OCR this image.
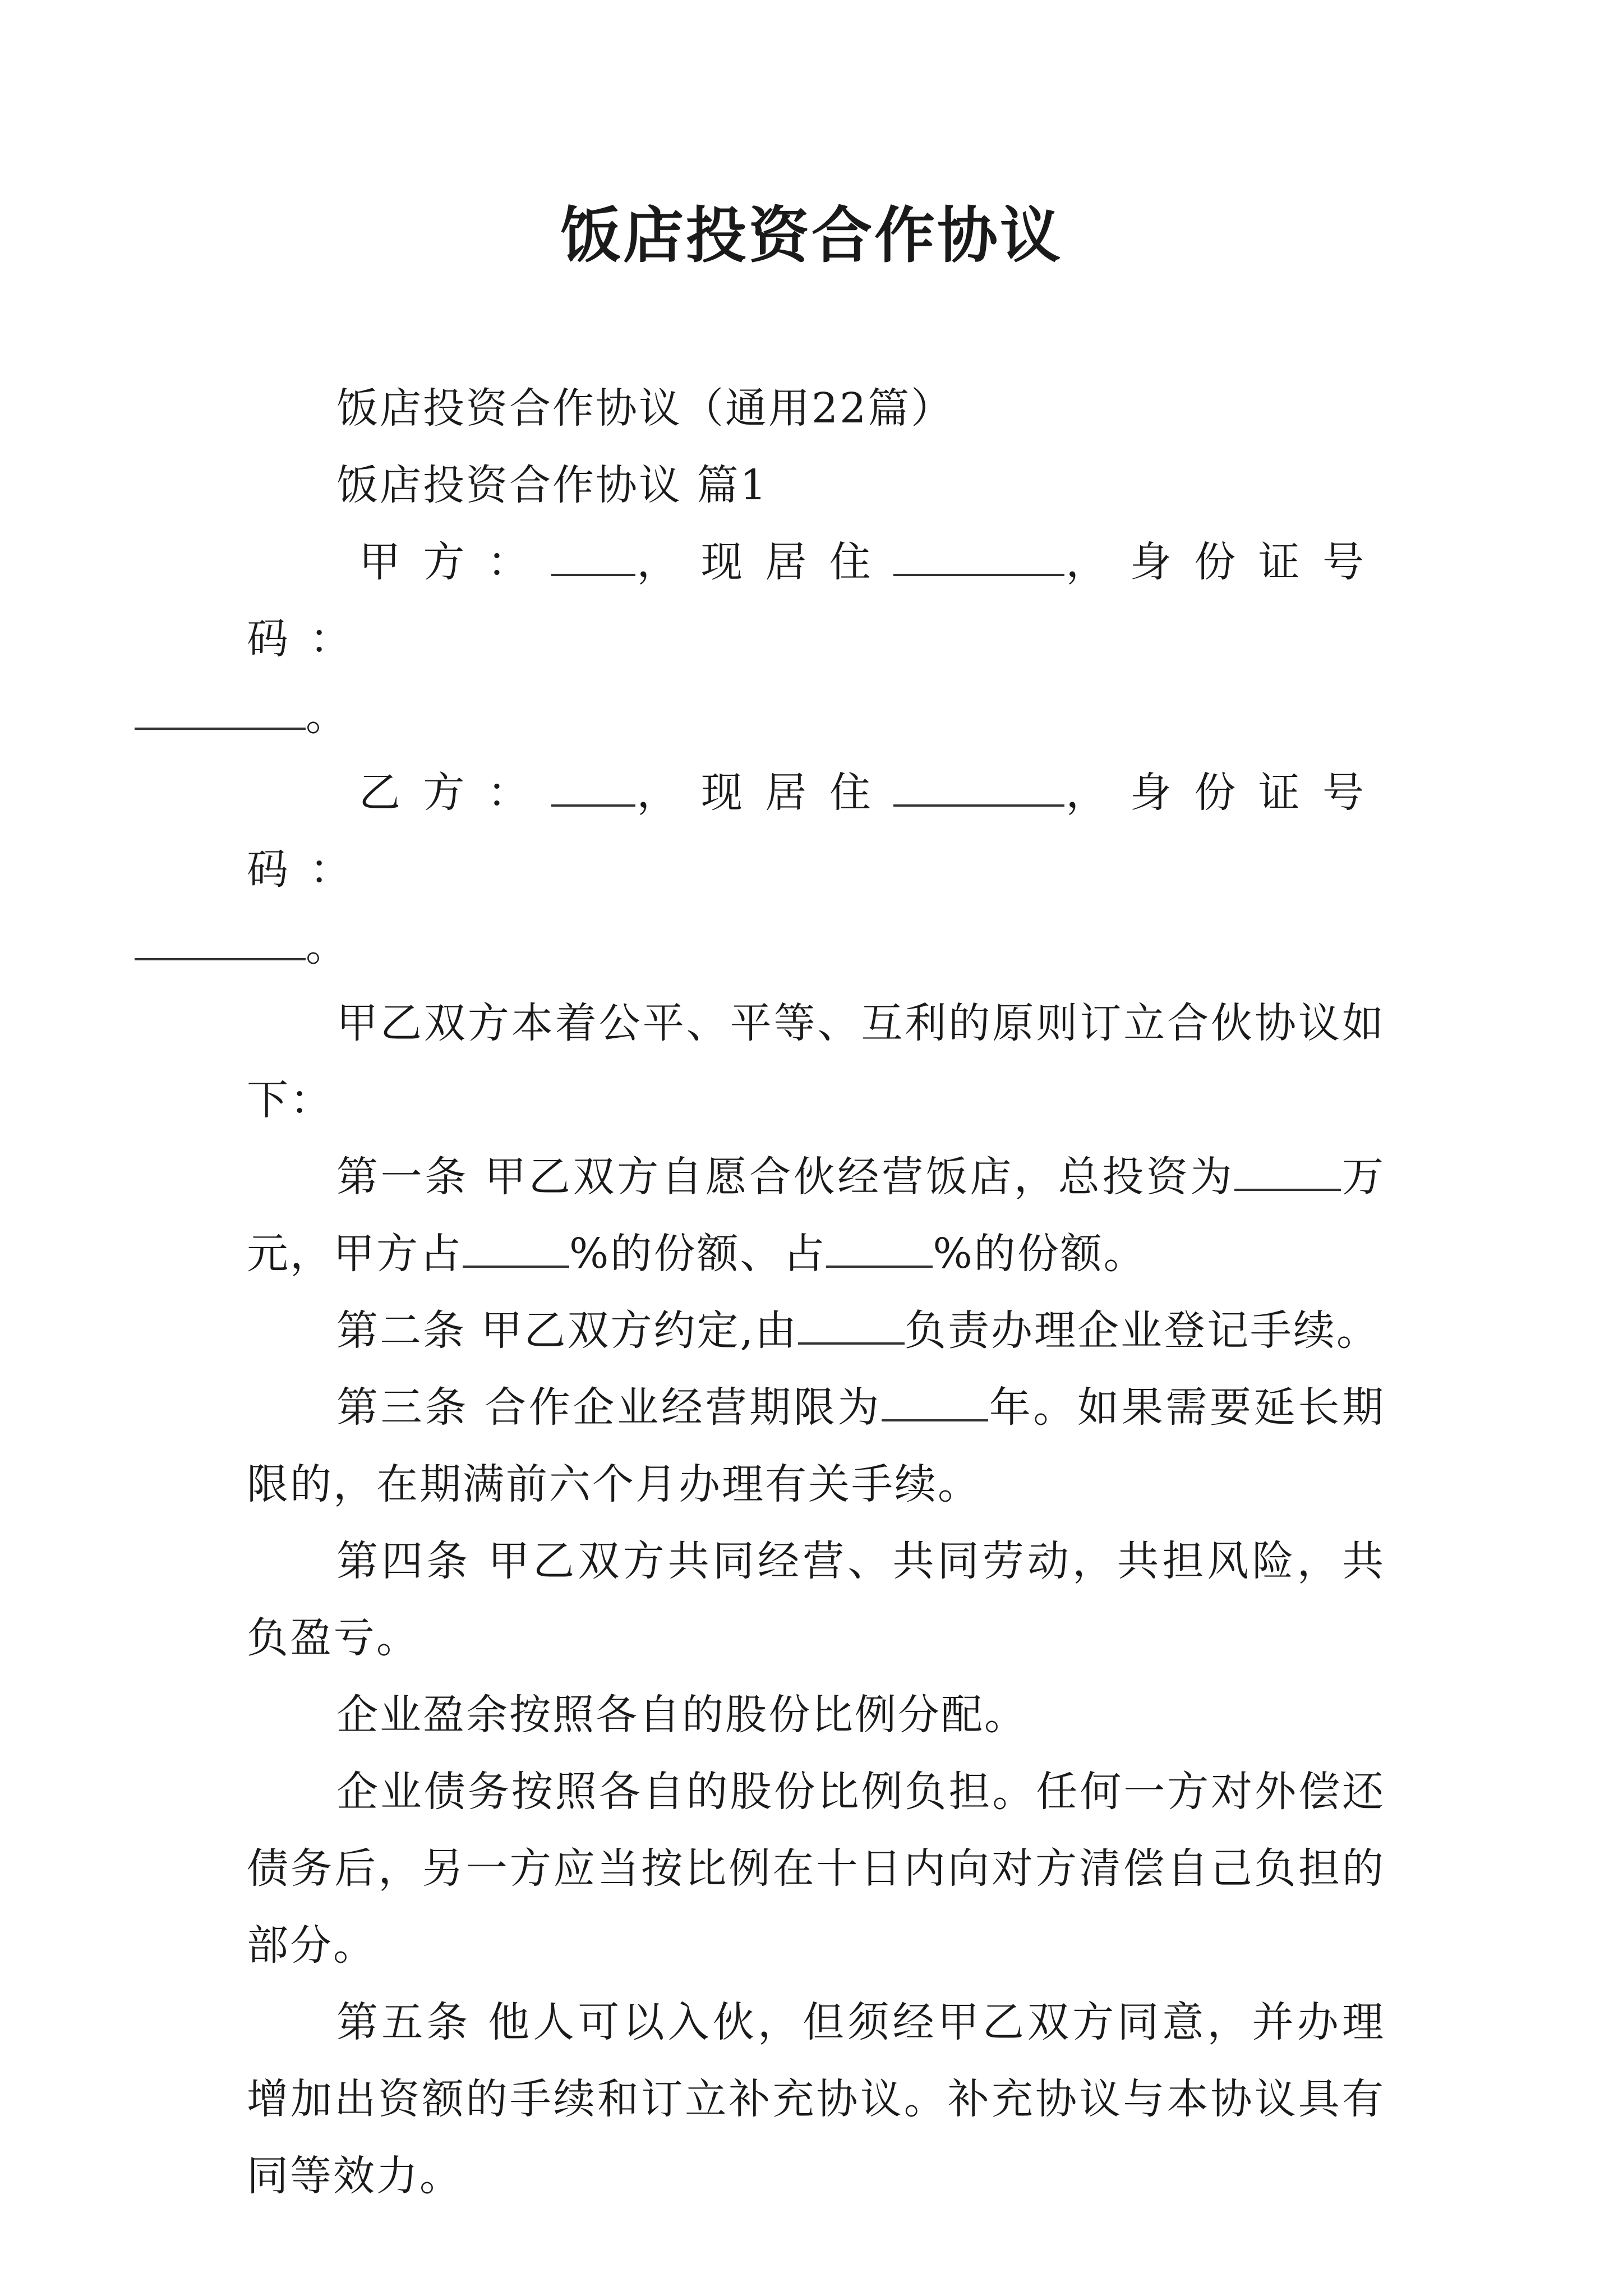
饭店投资合作协议

饭店投资合作协议（通用22篇）

饭店投资合作协议 篇1

甲方： ，现居住	，身份证号码：
。

乙方： ，现居住	，身份证号码：
。

甲乙双方本着公平、平等、互利的原则订立合伙协议如下：

第一条 甲乙双方自愿合伙经营饭店，总投资为	万元，甲方占	%的份额、占	%的份额。

第二条 甲乙双方约定,由	负责办理企业登记手续。

第三条 合作企业经营期限为	年。如果需要延长期限的，在期满前六个月办理有关手续。

第四条 甲乙双方共同经营、共同劳动，共担风险，共负盈亏。

企业盈余按照各自的股份比例分配。

企业债务按照各自的股份比例负担。任何一方对外偿还债务后，另一方应当按比例在十日内向对方清偿自己负担的部分。

第五条 他人可以入伙，但须经甲乙双方同意，并办理增加出资额的手续和订立补充协议。补充协议与本协议具有同等效力。
